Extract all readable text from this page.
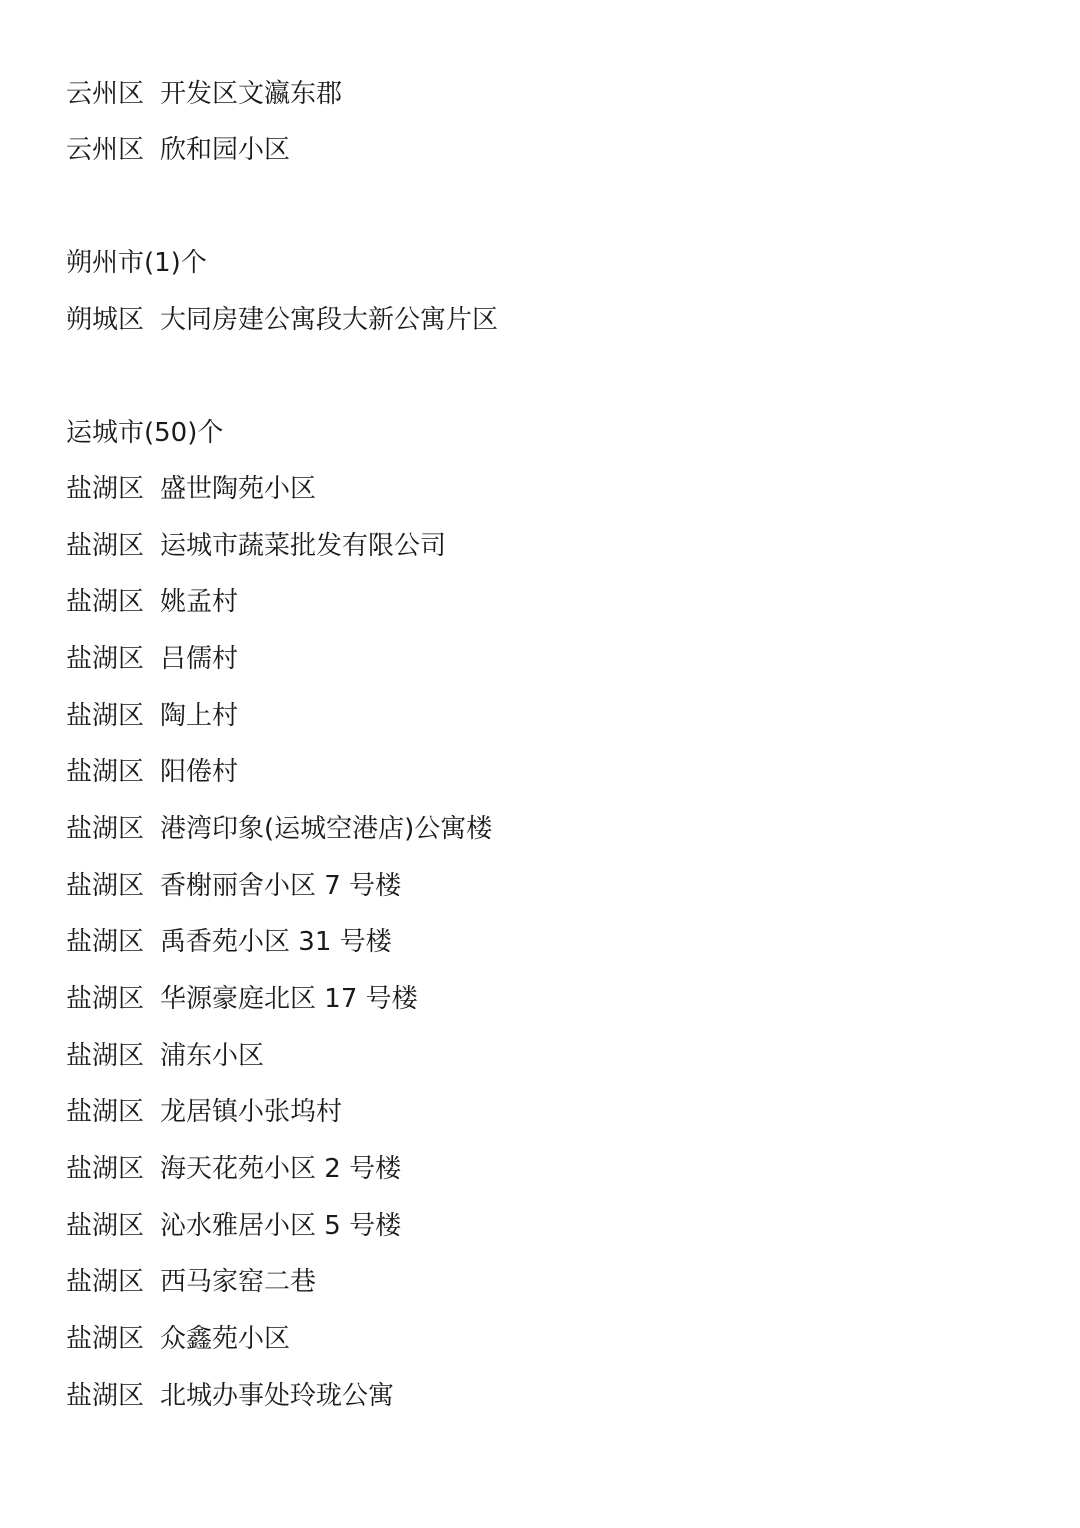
云州区 开发区文瀛东郡
云州区 欣和园小区
朔州市(1)个
朔城区 大同房建公寓段大新公寓片区
运城市(50)个
盐湖区 盛世陶苑小区
盐湖区 运城市蔬菜批发有限公司
盐湖区 姚孟村
盐湖区 吕儒村
盐湖区 陶上村
盐湖区 阳倦村
盐湖区 港湾印象(运城空港店)公寓楼
盐湖区 香榭丽舍小区 7 号楼
盐湖区 禹香苑小区 31 号楼
盐湖区 华源豪庭北区 17 号楼
盐湖区 浦东小区
盐湖区 龙居镇小张坞村
盐湖区 海天花苑小区 2 号楼
盐湖区 沁水雅居小区 5 号楼
盐湖区 西马家窑二巷
盐湖区 众鑫苑小区
盐湖区 北城办事处玲珑公寓
